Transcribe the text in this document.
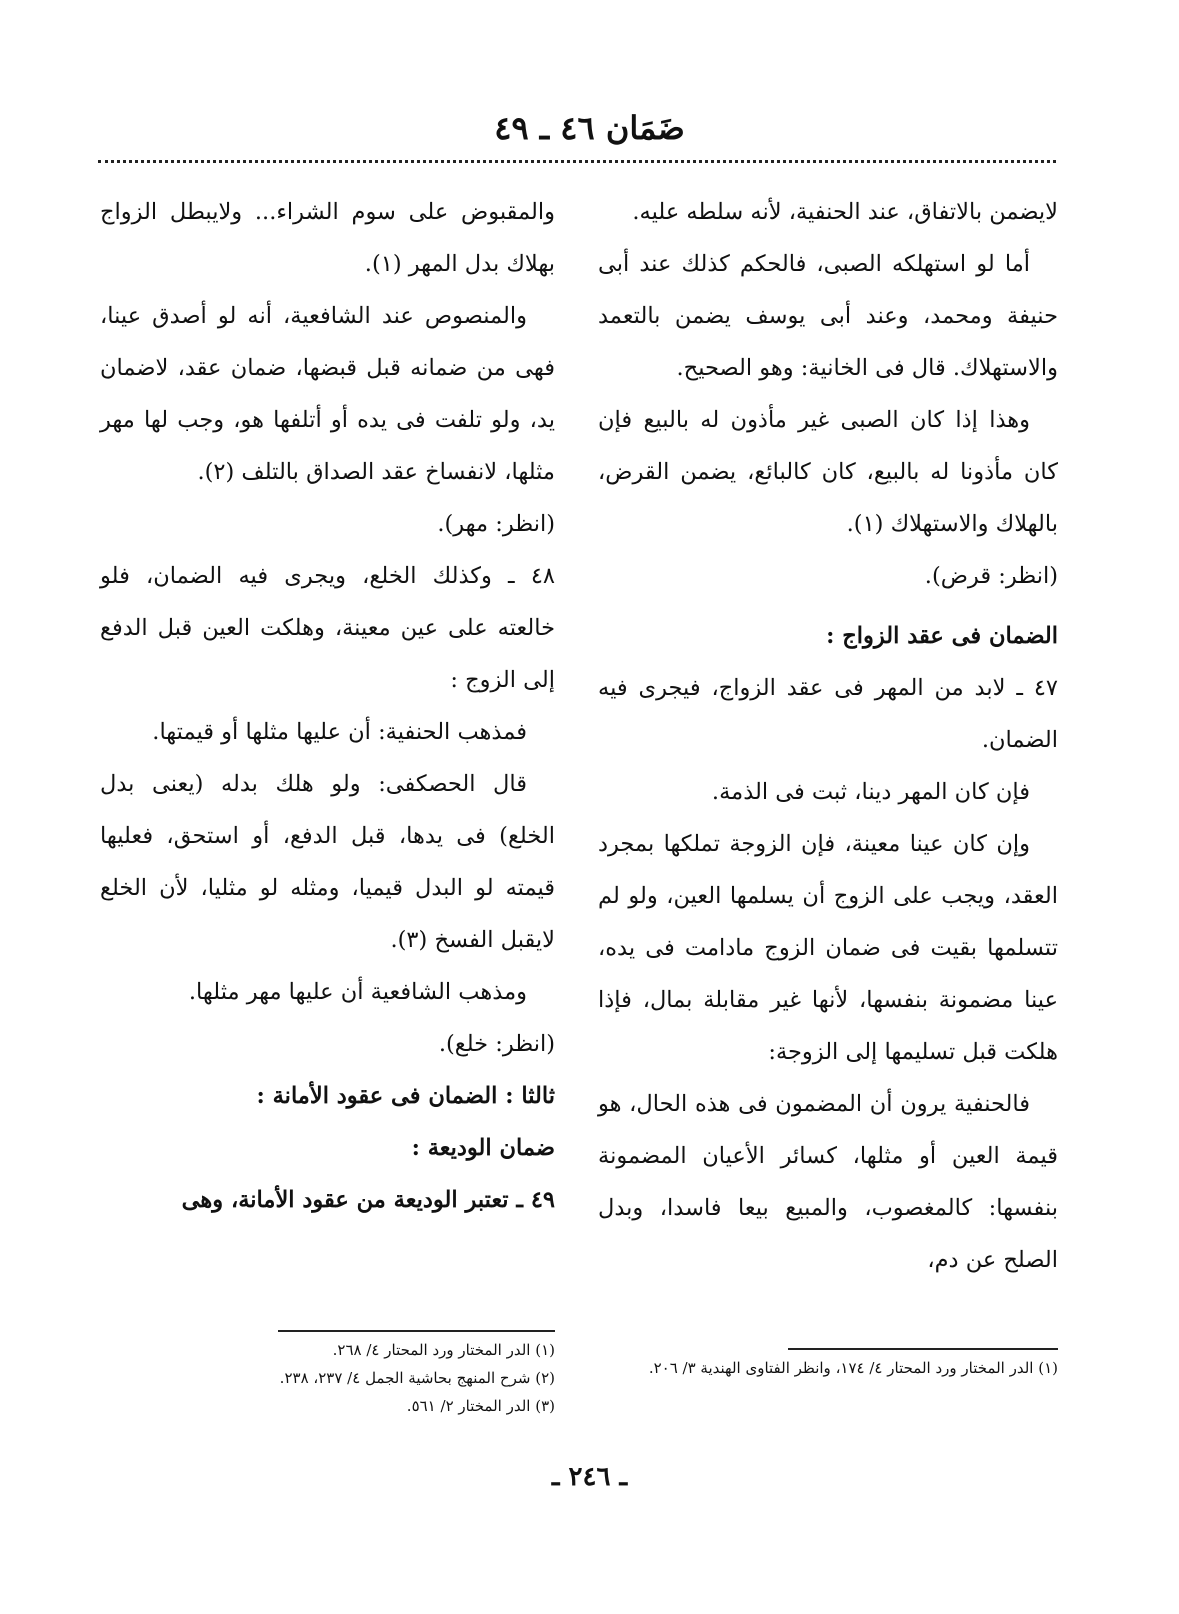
ضَمَان ٤٦ ـ ٤٩

لايضمن بالاتفاق، عند الحنفية، لأنه سلطه عليه.

أما لو استهلكه الصبى، فالحكم كذلك عند أبى حنيفة ومحمد، وعند أبى يوسف يضمن بالتعمد والاستهلاك. قال فى الخانية: وهو الصحيح.

وهذا إذا كان الصبى غير مأذون له بالبيع فإن كان مأذونا له بالبيع، كان كالبائع، يضمن القرض، بالهلاك والاستهلاك (١).

(انظر: قرض).

الضمان فى عقد الزواج :

٤٧ ـ لابد من المهر فى عقد الزواج، فيجرى فيه الضمان.

فإن كان المهر دينا، ثبت فى الذمة.

وإن كان عينا معينة، فإن الزوجة تملكها بمجرد العقد، ويجب على الزوج أن يسلمها العين، ولو لم تتسلمها بقيت فى ضمان الزوج مادامت فى يده، عينا مضمونة بنفسها، لأنها غير مقابلة بمال، فإذا هلكت قبل تسليمها إلى الزوجة:

فالحنفية يرون أن المضمون فى هذه الحال، هو قيمة العين أو مثلها، كسائر الأعيان المضمونة بنفسها: كالمغصوب، والمبيع بيعا فاسدا، وبدل الصلح عن دم،

والمقبوض على سوم الشراء... ولايبطل الزواج بهلاك بدل المهر (١).

والمنصوص عند الشافعية، أنه لو أصدق عينا، فهى من ضمانه قبل قبضها، ضمان عقد، لاضمان يد، ولو تلفت فى يده أو أتلفها هو، وجب لها مهر مثلها، لانفساخ عقد الصداق بالتلف (٢).

(انظر: مهر).

٤٨ ـ وكذلك الخلع، ويجرى فيه الضمان، فلو خالعته على عين معينة، وهلكت العين قبل الدفع إلى الزوج :

فمذهب الحنفية: أن عليها مثلها أو قيمتها.

قال الحصكفى: ولو هلك بدله (يعنى بدل الخلع) فى يدها، قبل الدفع، أو استحق، فعليها قيمته لو البدل قيميا، ومثله لو مثليا، لأن الخلع لايقبل الفسخ (٣).

ومذهب الشافعية أن عليها مهر مثلها.

(انظر: خلع).

ثالثا : الضمان فى عقود الأمانة :

ضمان الوديعة :

٤٩ ـ تعتبر الوديعة من عقود الأمانة، وهى

(١) الدر المختار ورد المحتار ٤/ ١٧٤، وانظر الفتاوى الهندية ٣/ ٢٠٦.

(١) الدر المختار ورد المحتار ٤/ ٢٦٨.

(٢) شرح المنهج بحاشية الجمل ٤/ ٢٣٧، ٢٣٨.

(٣) الدر المختار ٢/ ٥٦١.

ـ ٢٤٦ ـ
